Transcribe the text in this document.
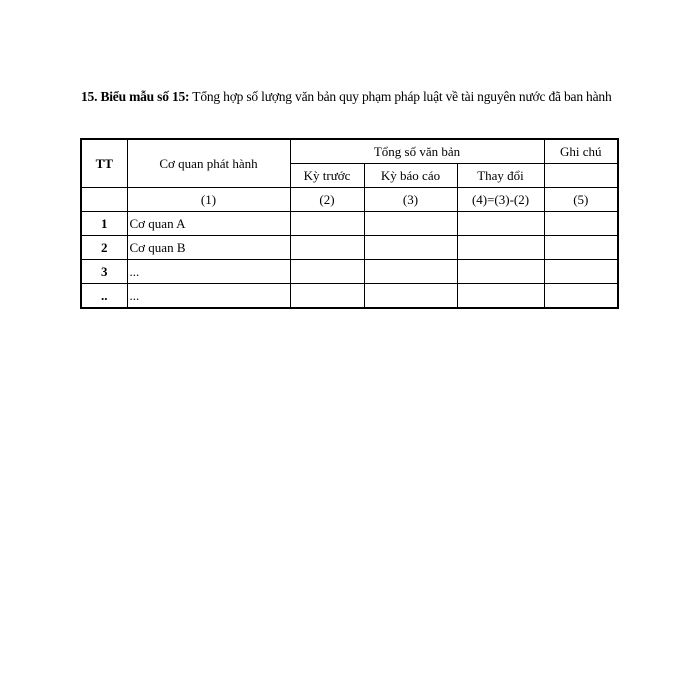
15. Biểu mẫu số 15: Tổng hợp số lượng văn bản quy phạm pháp luật về tài nguyên nước đã ban hành
TT	Cơ quan phát hành	Tổng số văn bản			Ghi chú
		Kỳ trước	Kỳ báo cáo	Thay đổi	
	(1)	(2)	(3)	(4)=(3)-(2)	(5)
1	Cơ quan A				
2	Cơ quan B				
3	...				
..	...				
